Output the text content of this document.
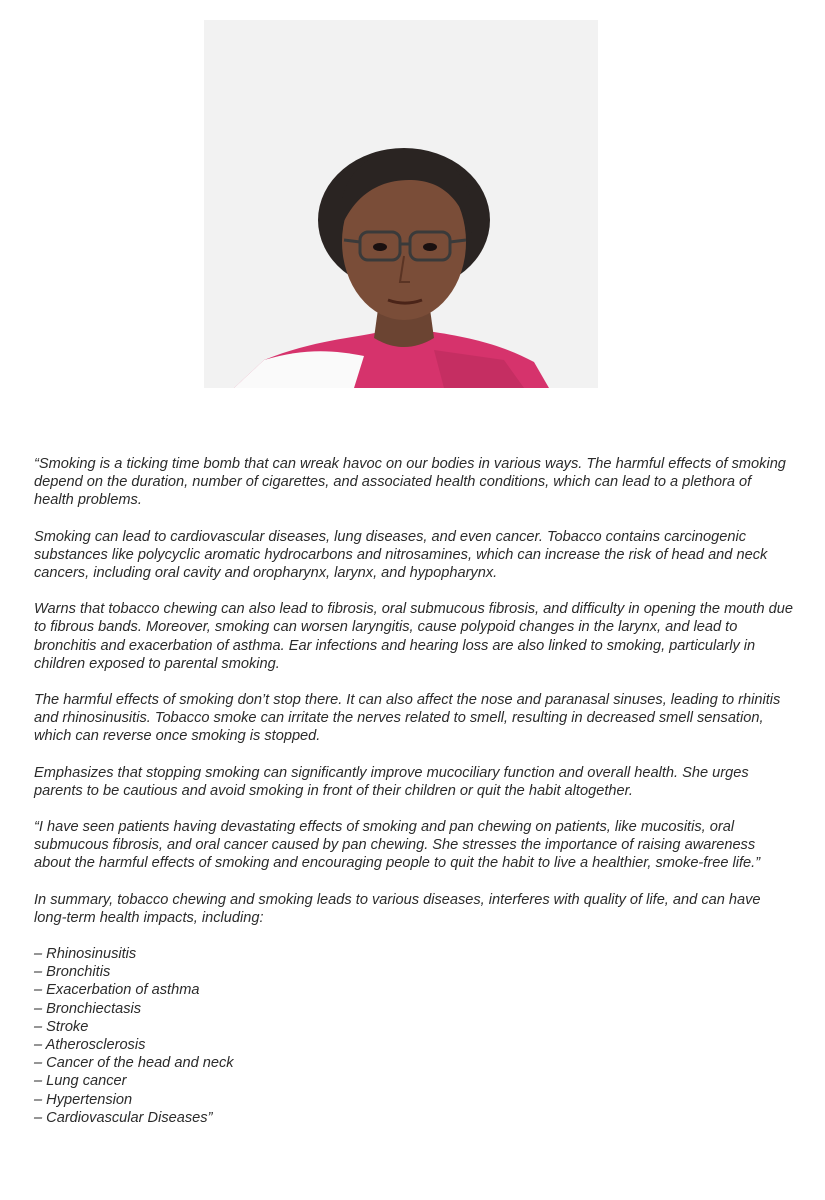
“Smoking is a ticking time bomb that can wreak havoc on our bodies in various ways. The harmful effects of smoking depend on the duration, number of cigarettes, and associated health conditions, which can lead to a plethora of health problems.

Smoking can lead to cardiovascular diseases, lung diseases, and even cancer. Tobacco contains carcinogenic substances like polycyclic aromatic hydrocarbons and nitrosamines, which can increase the risk of head and neck cancers, including oral cavity and oropharynx, larynx, and hypopharynx.

Warns that tobacco chewing can also lead to fibrosis, oral submucous fibrosis, and difficulty in opening the mouth due to fibrous bands. Moreover, smoking can worsen laryngitis, cause polypoid changes in the larynx, and lead to bronchitis and exacerbation of asthma. Ear infections and hearing loss are also linked to smoking, particularly in children exposed to parental smoking.

The harmful effects of smoking don’t stop there. It can also affect the nose and paranasal sinuses, leading to rhinitis and rhinosinusitis. Tobacco smoke can irritate the nerves related to smell, resulting in decreased smell sensation, which can reverse once smoking is stopped.

Emphasizes that stopping smoking can significantly improve mucociliary function and overall health. She urges parents to be cautious and avoid smoking in front of their children or quit the habit altogether.

“I have seen patients having devastating effects of smoking and pan chewing on patients, like mucositis, oral submucous fibrosis, and oral cancer caused by pan chewing. She stresses the importance of raising awareness about the harmful effects of smoking and encouraging people to quit the habit to live a healthier, smoke-free life.”

In summary, tobacco chewing and smoking leads to various diseases, interferes with quality of life, and can have long-term health impacts, including:

– Rhinosinusitis
– Bronchitis
– Exacerbation of asthma
– Bronchiectasis
– Stroke
– Atherosclerosis
– Cancer of the head and neck
– Lung cancer
– Hypertension
– Cardiovascular Diseases”
